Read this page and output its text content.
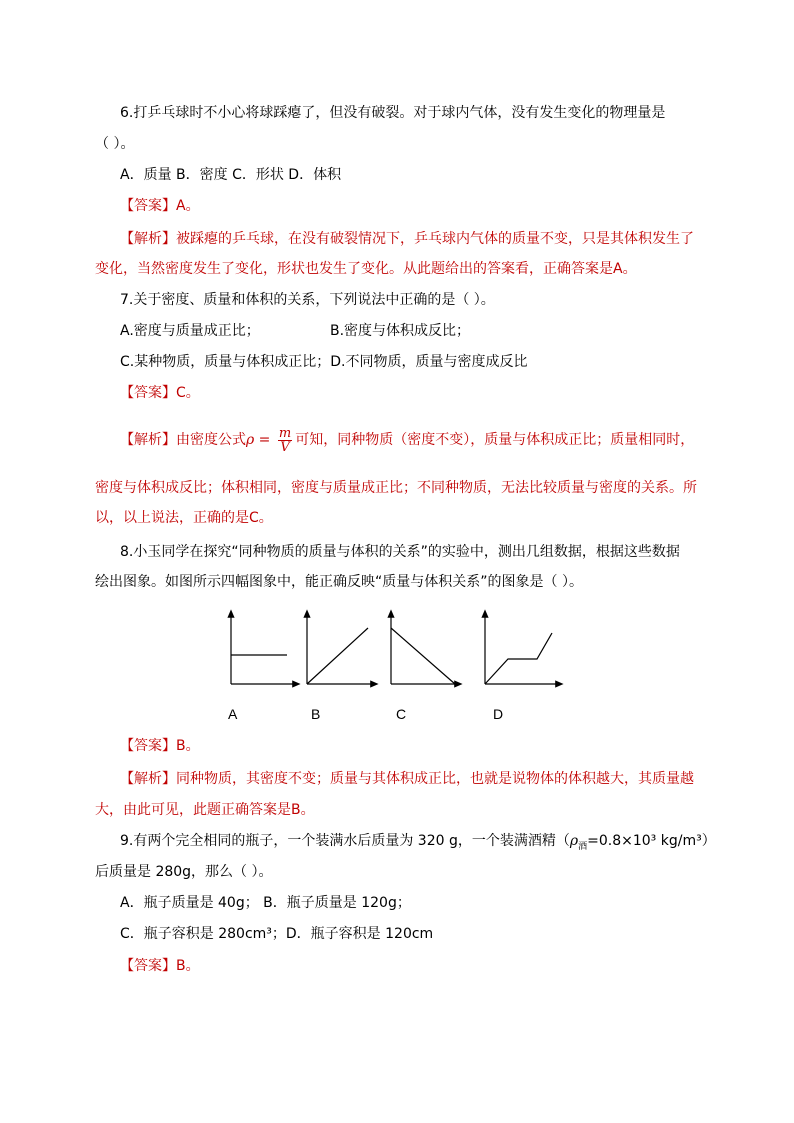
6.打乒乓球时不小心将球踩瘪了，但没有破裂。对于球内气体，没有发生变化的物理量是
（ ）。
A．质量 B．密度 C．形状 D．体积
【答案】A。
【解析】被踩瘪的乒乓球，在没有破裂情况下，乒乓球内气体的质量不变，只是其体积发生了
变化，当然密度发生了变化，形状也发生了变化。从此题给出的答案看，正确答案是A。
7.关于密度、质量和体积的关系，下列说法中正确的是（ ）。
A.密度与质量成正比；	B.密度与体积成反比；
C.某种物质，质量与体积成正比；D.不同物质，质量与密度成反比
【答案】C。
【解析】由密度公式$\rho = \frac{m}{V}$ 可知，同种物质（密度不变），质量与体积成正比；质量相同时，
密度与体积成反比；体积相同，密度与质量成正比；不同种物质，无法比较质量与密度的关系。所
以，以上说法，正确的是C。
8.小玉同学在探究“同种物质的质量与体积的关系”的实验中，测出几组数据，根据这些数据
绘出图象。如图所示四幅图象中，能正确反映“质量与体积关系”的图象是（ ）。
A	B	C	D
【答案】B。
【解析】同种物质，其密度不变；质量与其体积成正比，也就是说物体的体积越大，其质量越
大，由此可见，此题正确答案是B。
9.有两个完全相同的瓶子，一个装满水后质量为 320 g，一个装满酒精（$\rho_酒=0.8\times 10^3$ kg/m³）
后质量是 280g，那么（ ）。
A．瓶子质量是 40g； B．瓶子质量是 120g；
C．瓶子容积是 280cm³；D．瓶子容积是 120cm
【答案】B。
